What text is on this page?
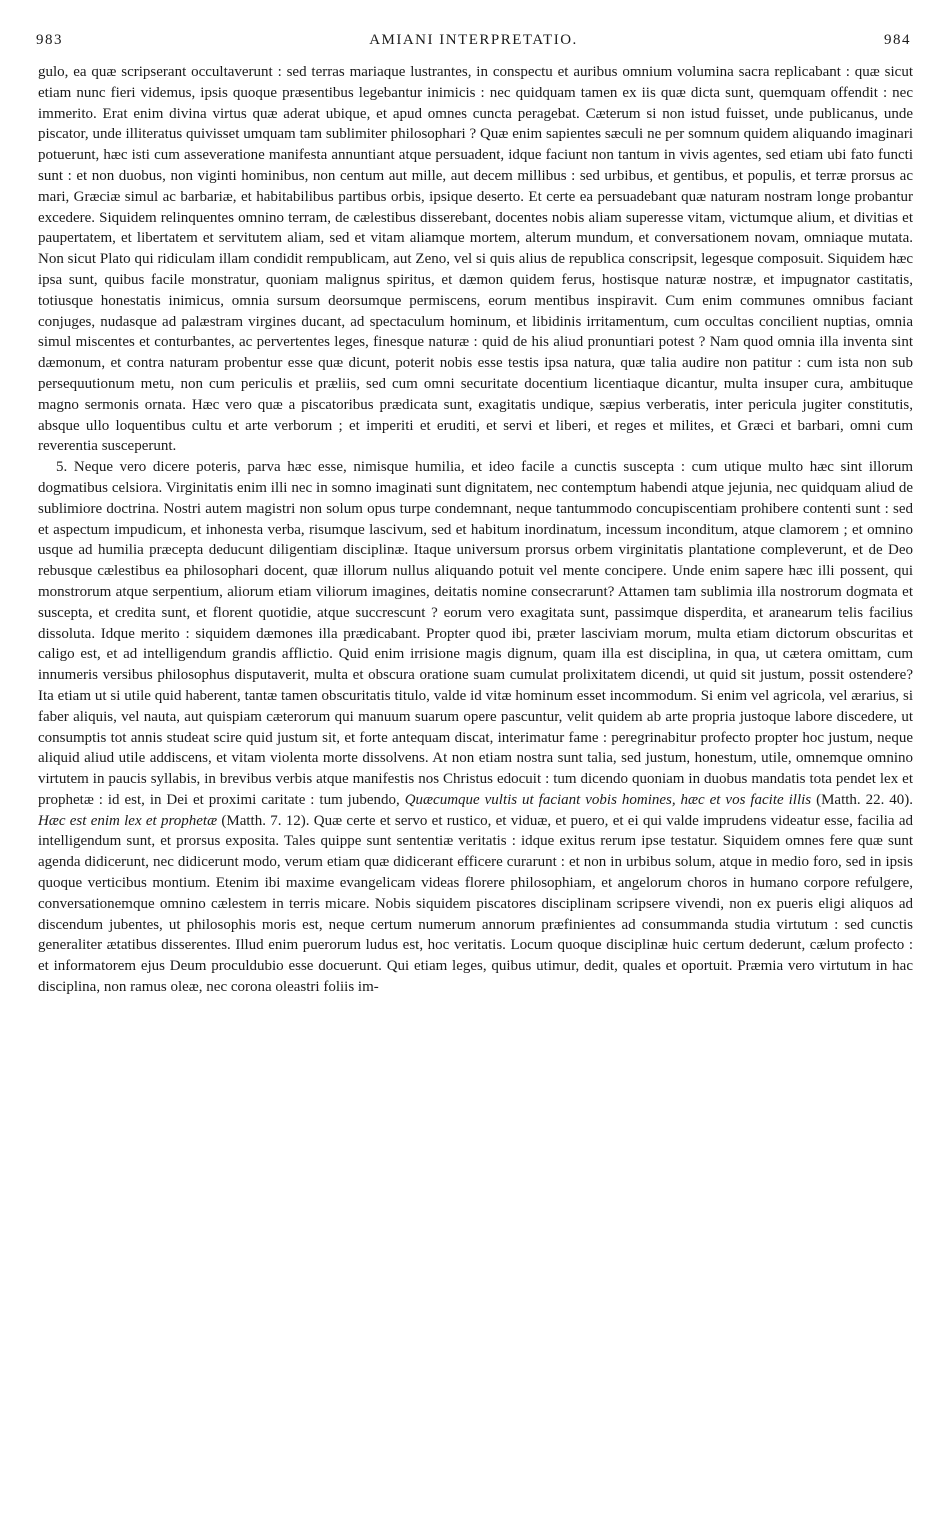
983	AMIANI INTERPRETATIO.	984

gulo, ea quæ scripserant occultaverunt : sed terras mariaque lustrantes, in conspectu et auribus omnium volumina sacra replicabant : quæ sicut etiam nunc fieri videmus, ipsis quoque præsentibus legebantur inimicis : nec quidquam tamen ex iis quæ dicta sunt, quemquam offendit : nec immerito. Erat enim divina virtus quæ aderat ubique, et apud omnes cuncta peragebat. Cæterum si non istud fuisset, unde publicanus, unde piscator, unde illiteratus quivisset umquam tam sublimiter philosophari ? Quæ enim sapientes sæculi ne per somnum quidem aliquando imaginari potuerunt, hæc isti cum asseveratione manifesta annuntiant atque persuadent, idque faciunt non tantum in vivis agentes, sed etiam ubi fato functi sunt : et non duobus, non viginti hominibus, non centum aut mille, aut decem millibus : sed urbibus, et gentibus, et populis, et terræ prorsus ac mari, Græciæ simul ac barbariæ, et habitabilibus partibus orbis, ipsique deserto. Et certe ea persuadebant quæ naturam nostram longe probantur excedere. Siquidem relinquentes omnino terram, de cælestibus disserebant, docentes nobis aliam superesse vitam, victumque alium, et divitias et paupertatem, et libertatem et servitutem aliam, sed et vitam aliamque mortem, alterum mundum, et conversationem novam, omniaque mutata. Non sicut Plato qui ridiculam illam condidit rempublicam, aut Zeno, vel si quis alius de republica conscripsit, legesque composuit. Siquidem hæc ipsa sunt, quibus facile monstratur, quoniam malignus spiritus, et dæmon quidem ferus, hostisque naturæ nostræ, et impugnator castitatis, totiusque honestatis inimicus, omnia sursum deorsumque permiscens, eorum mentibus inspiravit. Cum enim communes omnibus faciant conjuges, nudasque ad palæstram virgines ducant, ad spectaculum hominum, et libidinis irritamentum, cum occultas concilient nuptias, omnia simul miscentes et conturbantes, ac pervertentes leges, finesque naturæ : quid de his aliud pronuntiari potest ? Nam quod omnia illa inventa sint dæmonum, et contra naturam probentur esse quæ dicunt, poterit nobis esse testis ipsa natura, quæ talia audire non patitur : cum ista non sub persequutionum metu, non cum periculis et præliis, sed cum omni securitate docentium licentiaque dicantur, multa insuper cura, ambituque magno sermonis ornata. Hæc vero quæ a piscatoribus prædicata sunt, exagitatis undique, sæpius verberatis, inter pericula jugiter constitutis, absque ullo loquentibus cultu et arte verborum ; et imperiti et eruditi, et servi et liberi, et reges et milites, et Græci et barbari, omni cum reverentia susceperunt.

5. Neque vero dicere poteris, parva hæc esse, nimisque humilia, et ideo facile a cunctis suscepta : cum utique multo hæc sint illorum dogmatibus celsiora. Virginitatis enim illi nec in somno imaginati sunt dignitatem, nec contemptum habendi atque jejunia, nec quidquam aliud de sublimiore doctrina. Nostri autem magistri non solum opus turpe condemnant, neque tantummodo concupiscentiam prohibere contenti sunt : sed et aspectum impudicum, et inhonesta verba, risumque lascivum, sed et habitum inordinatum, incessum inconditum, atque clamorem ; et omnino usque ad humilia præcepta deducunt diligentiam disciplinæ. Itaque universum prorsus orbem virginitatis plantatione compleverunt, et de Deo rebusque cælestibus ea philosophari docent, quæ illorum nullus aliquando potuit vel mente concipere. Unde enim sapere hæc illi possent, qui monstrorum atque serpentium, aliorum etiam viliorum imagines, deitatis nomine consecrarunt? Attamen tam sublimia illa nostrorum dogmata et suscepta, et credita sunt, et florent quotidie, atque succrescunt ? eorum vero exagitata sunt, passimque disperdita, et aranearum telis facilius dissoluta. Idque merito : siquidem dæmones illa prædicabant. Propter quod ibi, præter lasciviam morum, multa etiam dictorum obscuritas et caligo est, et ad intelligendum grandis afflictio. Quid enim irrisione magis dignum, quam illa est disciplina, in qua, ut cætera omittam, cum innumeris versibus philosophus disputaverit, multa et obscura oratione suam cumulat prolixitatem dicendi, ut quid sit justum, possit ostendere? Ita etiam ut si utile quid haberent, tantæ tamen obscuritatis titulo, valde id vitæ hominum esset incommodum. Si enim vel agricola, vel ærarius, si faber aliquis, vel nauta, aut quispiam cæterorum qui manuum suarum opere pascuntur, velit quidem ab arte propria justoque labore discedere, ut consumptis tot annis studeat scire quid justum sit, et forte antequam discat, interimatur fame : peregrinabitur profecto propter hoc justum, neque aliquid aliud utile addiscens, et vitam violenta morte dissolvens. At non etiam nostra sunt talia, sed justum, honestum, utile, omnemque omnino virtutem in paucis syllabis, in brevibus verbis atque manifestis nos Christus edocuit : tum dicendo quoniam in duobus mandatis tota pendet lex et prophetæ : id est, in Dei et proximi caritate : tum jubendo, Quæcumque vultis ut faciant vobis homines, hæc et vos facite illis (Matth. 22. 40). Hæc est enim lex et prophetæ (Matth. 7. 12). Quæ certe et servo et rustico, et viduæ, et puero, et ei qui valde imprudens videatur esse, facilia ad intelligendum sunt, et prorsus exposita. Tales quippe sunt sententiæ veritatis : idque exitus rerum ipse testatur. Siquidem omnes fere quæ sunt agenda didicerunt, nec didicerunt modo, verum etiam quæ didicerant efficere curarunt : et non in urbibus solum, atque in medio foro, sed in ipsis quoque verticibus montium. Etenim ibi maxime evangelicam videas florere philosophiam, et angelorum choros in humano corpore refulgere, conversationemque omnino cælestem in terris micare. Nobis siquidem piscatores disciplinam scripsere vivendi, non ex pueris eligi aliquos ad discendum jubentes, ut philosophis moris est, neque certum numerum annorum præfinientes ad consummanda studia virtutum : sed cunctis generaliter ætatibus disserentes. Illud enim puerorum ludus est, hoc veritatis. Locum quoque disciplinæ huic certum dederunt, cælum profecto : et informatorem ejus Deum proculdubio esse docuerunt. Qui etiam leges, quibus utimur, dedit, quales et oportuit. Præmia vero virtutum in hac disciplina, non ramus oleæ, nec corona oleastri foliis im-
